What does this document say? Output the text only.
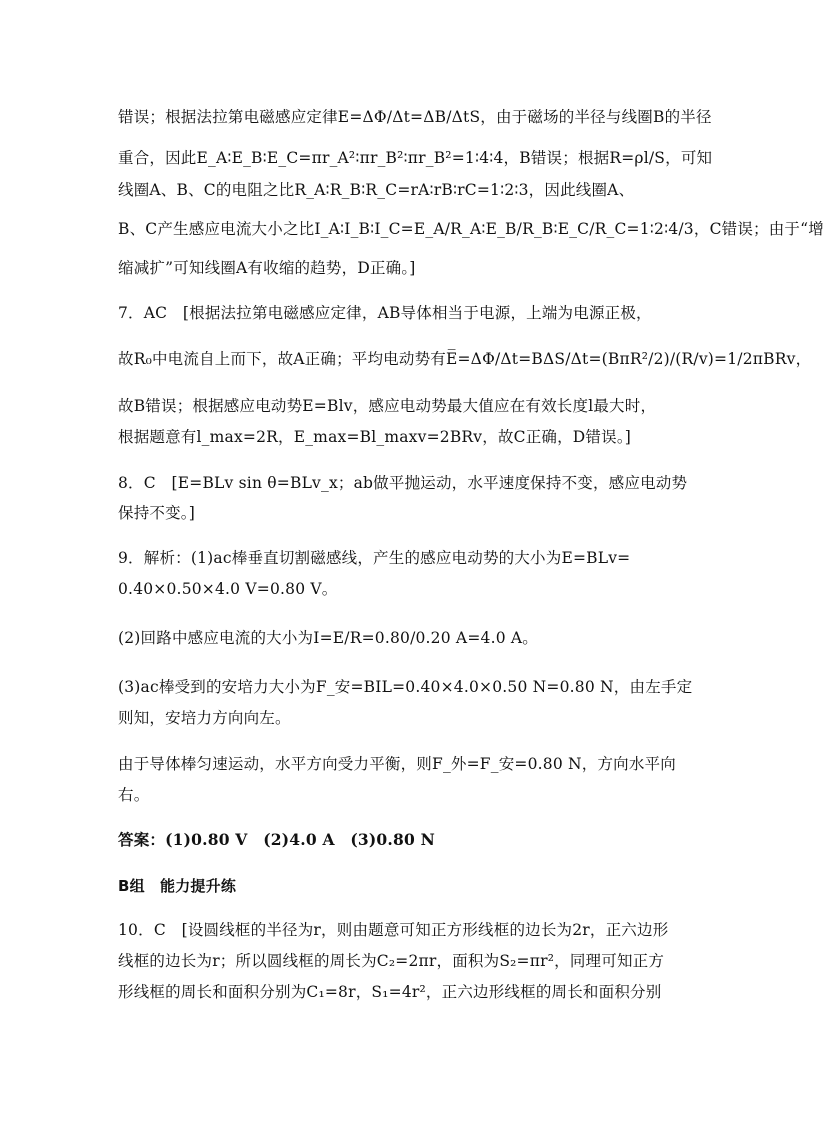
错误；根据法拉第电磁感应定律E=ΔΦ/Δt=ΔB/ΔtS，由于磁场的半径与线圈B的半径
重合，因此E_A∶E_B∶E_C=πr_A²∶πr_B²∶πr_B²=1∶4∶4，B错误；根据R=ρl/S，可知
线圈A、B、C的电阻之比R_A∶R_B∶R_C=rA∶rB∶rC=1∶2∶3，因此线圈A、
B、C产生感应电流大小之比I_A∶I_B∶I_C=E_A/R_A∶E_B/R_B∶E_C/R_C=1∶2∶4/3，C错误；由于“增
缩减扩”可知线圈A有收缩的趋势，D正确。]
7．AC　[根据法拉第电磁感应定律，AB导体相当于电源，上端为电源正极，
故R₀中电流自上而下，故A正确；平均电动势有E̅=ΔΦ/Δt=BΔS/Δt=(BπR²/2)/(R/v)=1/2πBRv，
故B错误；根据感应电动势E=Blv，感应电动势最大值应在有效长度l最大时，
根据题意有l_max=2R，E_max=Bl_maxv=2BRv，故C正确，D错误。]
8．C　[E=BLv sin θ=BLv_x；ab做平抛运动，水平速度保持不变，感应电动势
保持不变。]
9．解析：(1)ac棒垂直切割磁感线，产生的感应电动势的大小为E=BLv=
0.40×0.50×4.0 V=0.80 V。
(2)回路中感应电流的大小为I=E/R=0.80/0.20 A=4.0 A。
(3)ac棒受到的安培力大小为F_安=BIL=0.40×4.0×0.50 N=0.80 N，由左手定
则知，安培力方向向左。
由于导体棒匀速运动，水平方向受力平衡，则F_外=F_安=0.80 N，方向水平向
右。
答案：(1)0.80 V　(2)4.0 A　(3)0.80 N
B组　能力提升练
10．C　[设圆线框的半径为r，则由题意可知正方形线框的边长为2r，正六边形
线框的边长为r；所以圆线框的周长为C₂=2πr，面积为S₂=πr²，同理可知正方
形线框的周长和面积分别为C₁=8r，S₁=4r²，正六边形线框的周长和面积分别
